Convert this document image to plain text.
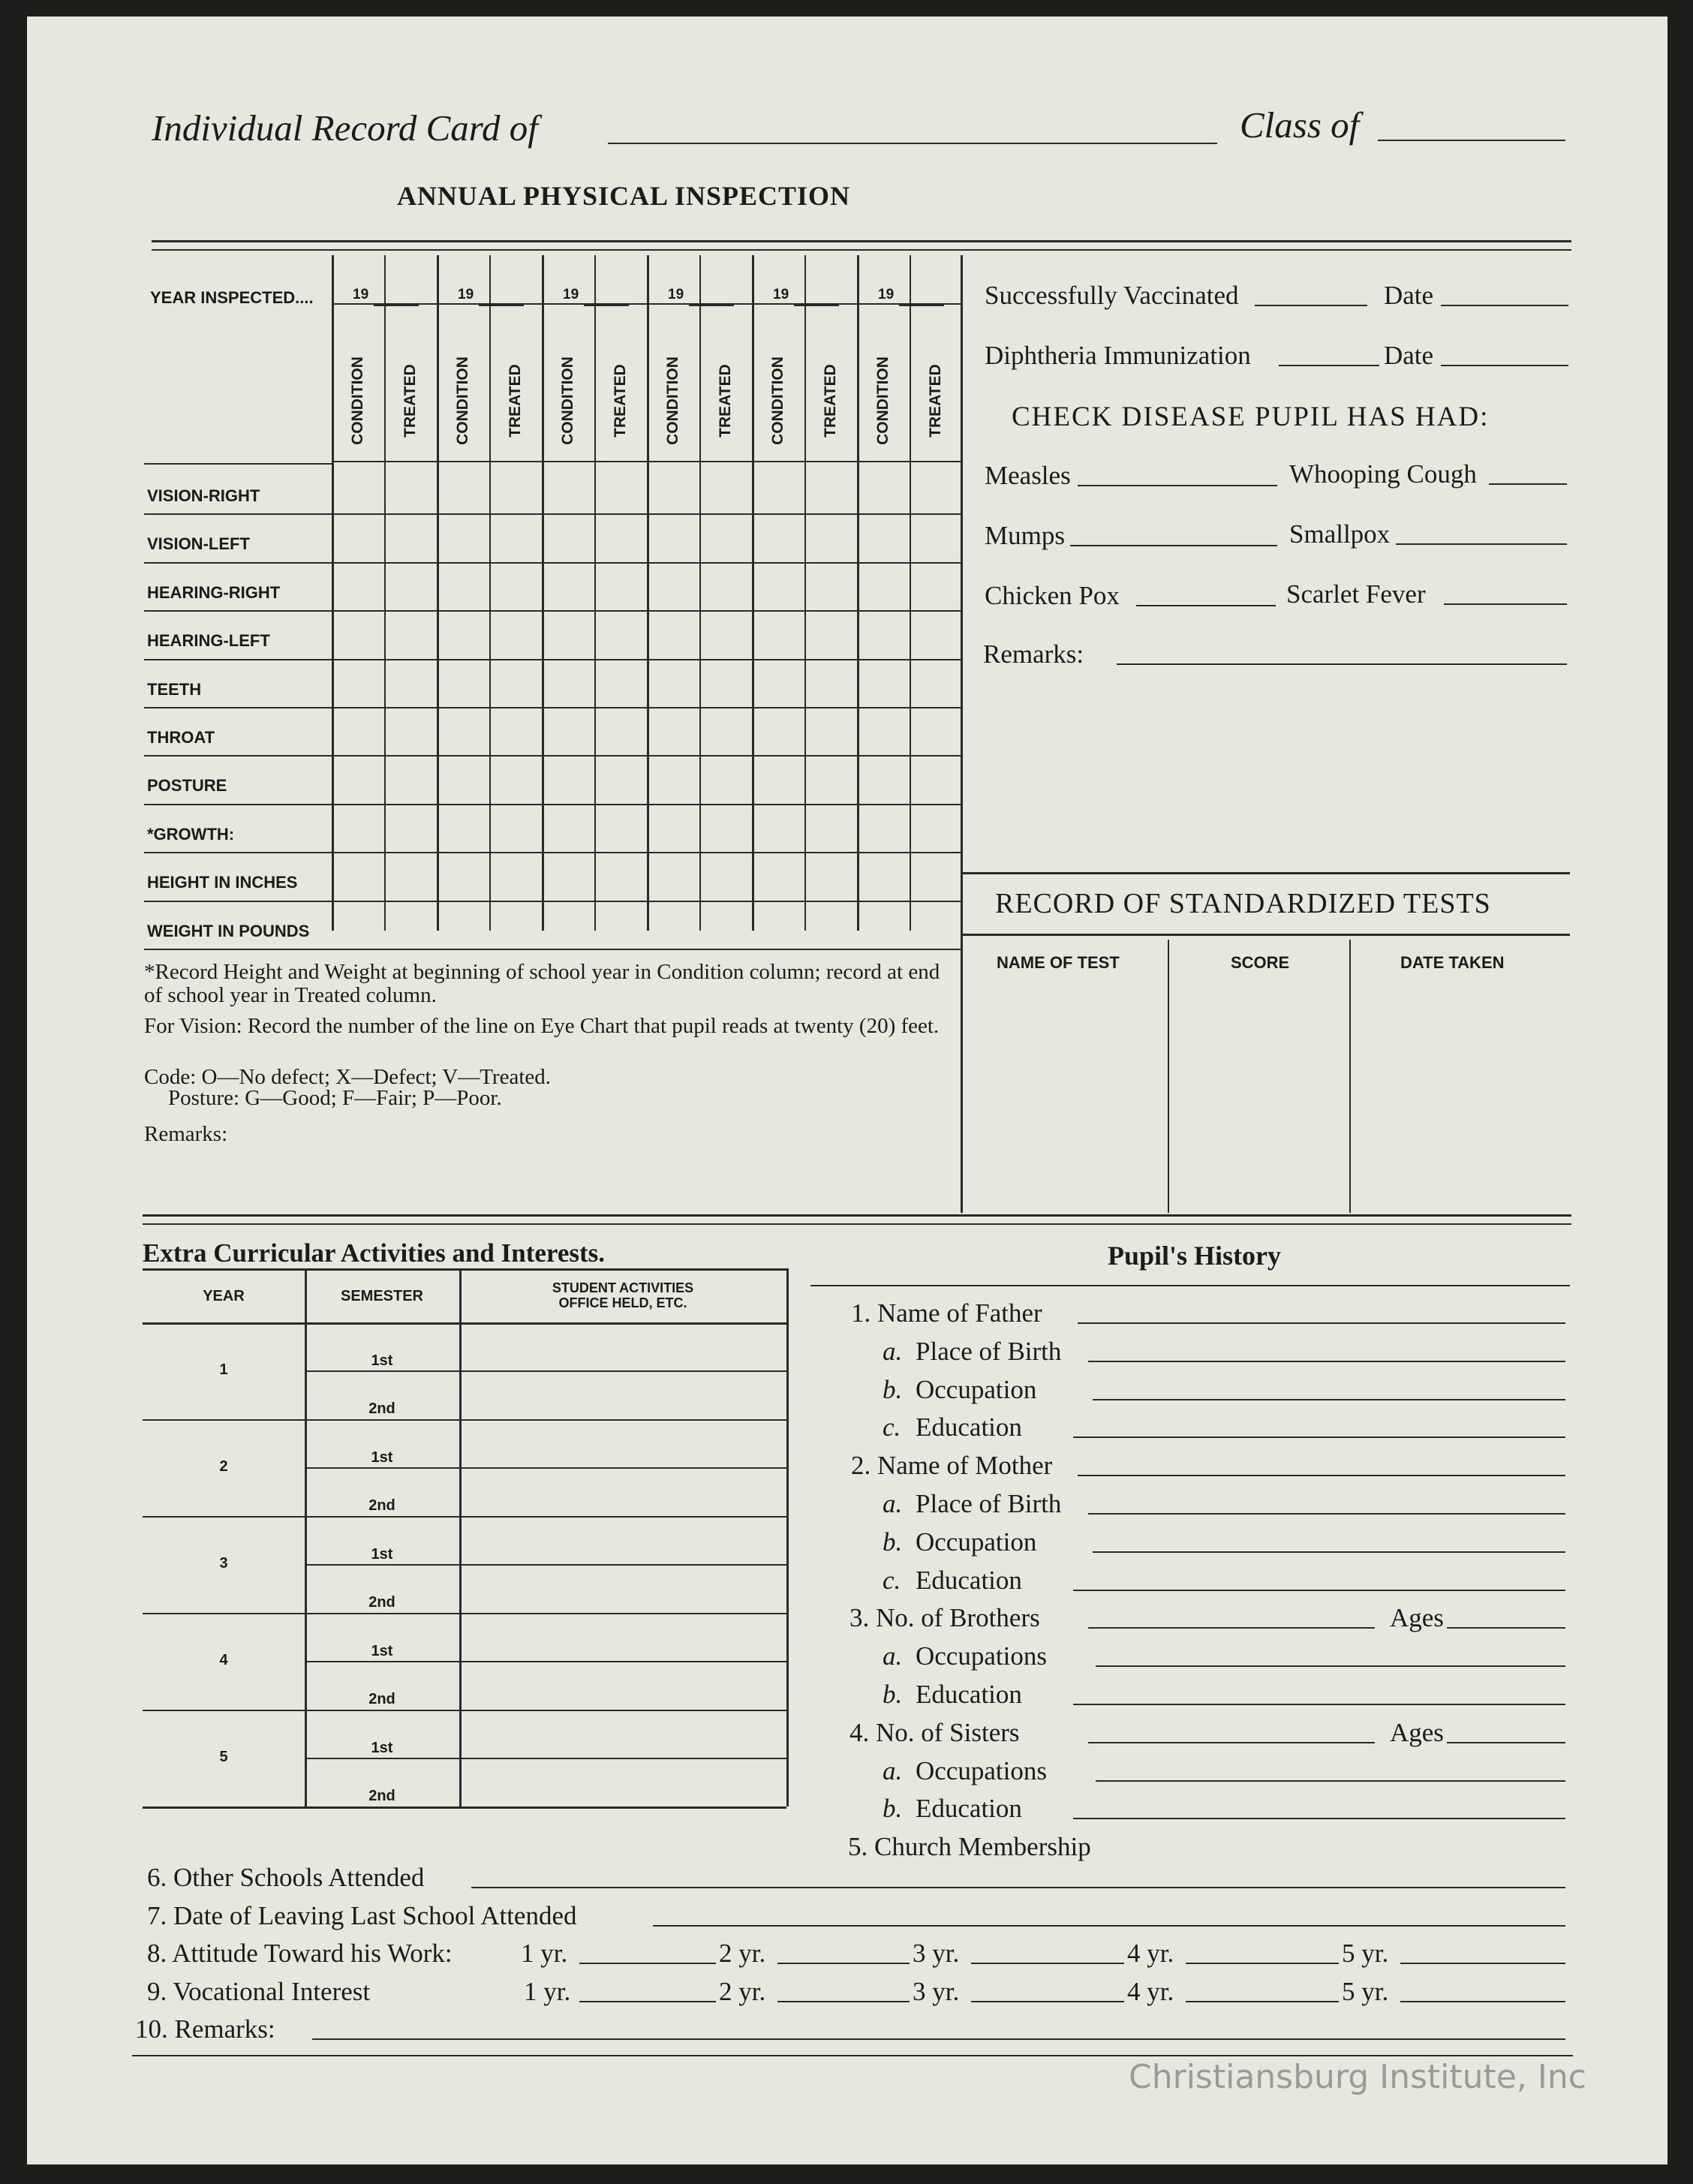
Individual Record Card of	Class of
ANNUAL PHYSICAL INSPECTION
YEAR INSPECTED....
*Record Height and Weight at beginning of school year in Condition column; record at end of school year in Treated column.
For Vision: Record the number of the line on Eye Chart that pupil reads at twenty (20) feet.
Code: O—No defect; X—Defect; V—Treated.
Posture: G—Good; F—Fair; P—Poor.
Remarks:
Successfully Vaccinated	Date
Diphtheria Immunization	Date
CHECK DISEASE PUPIL HAS HAD:
Measles	Whooping Cough
Mumps	Smallpox
Chicken Pox	Scarlet Fever
Remarks:
RECORD OF STANDARDIZED TESTS
NAME OF TEST	SCORE	DATE TAKEN
Extra Curricular Activities and Interests.	Pupil's History
Christiansburg Institute, Inc
19	19	19	19	19	19
CONDITION TREATED CONDITION TREATED CONDITION TREATED CONDITION TREATED CONDITION TREATED CONDITION TREATED
VISION-RIGHT
VISION-LEFT
HEARING-RIGHT
HEARING-LEFT
TEETH
THROAT
POSTURE
*GROWTH:
HEIGHT IN INCHES
WEIGHT IN POUNDS
YEAR	SEMESTER	STUDENT ACTIVITIES
OFFICE HELD, ETC.
1
1st
2nd
2
1st
2nd
3
1st
2nd
4
1st
2nd
5
1st
2nd
1. Name of Father
a. Place of Birth
b. Occupation
c. Education
2. Name of Mother
a. Place of Birth
b. Occupation
c. Education
3. No. of Brothers	Ages
a. Occupations
b. Education
4. No. of Sisters	Ages
a. Occupations
b. Education
5. Church Membership
6. Other Schools Attended
7. Date of Leaving Last School Attended
8. Attitude Toward his Work:	1 yr.	2 yr.	3 yr.	4 yr.	5 yr.
9. Vocational Interest	1 yr.	2 yr.	3 yr.	4 yr.	5 yr.
10. Remarks:
